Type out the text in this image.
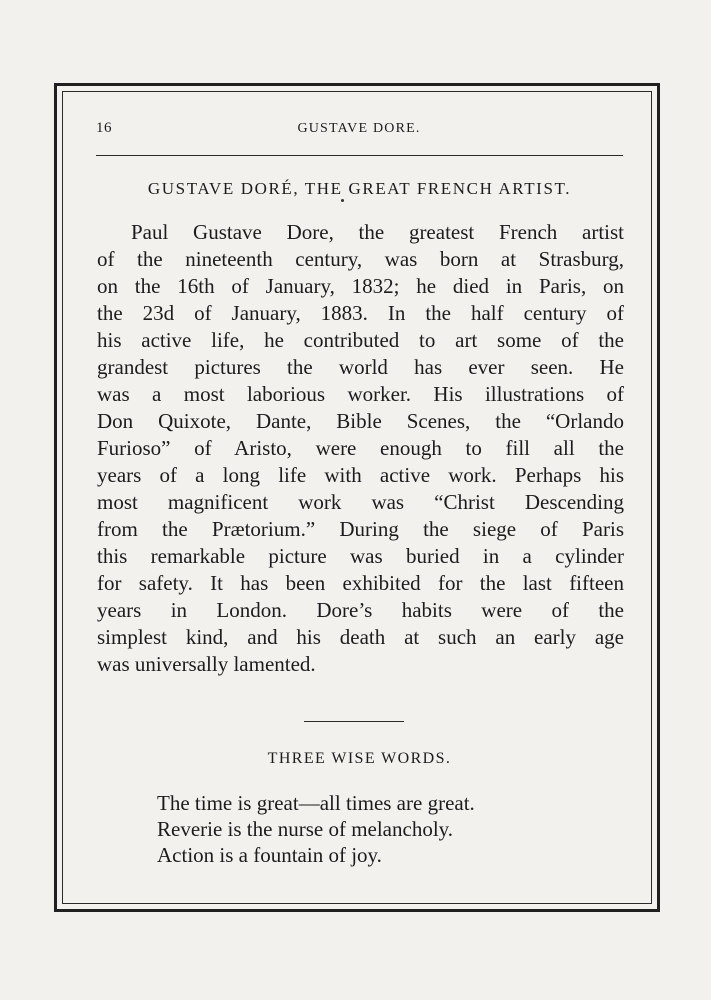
16	GUSTAVE DORE.
GUSTAVE DORÉ, THE GREAT FRENCH ARTIST.
Paul Gustave Dore, the greatest French artist
of the nineteenth century, was born at Strasburg,
on the 16th of January, 1832; he died in Paris, on
the 23d of January, 1883. In the half century of
his active life, he contributed to art some of the
grandest pictures the world has ever seen. He
was a most laborious worker. His illustrations of
Don Quixote, Dante, Bible Scenes, the “Orlando
Furioso” of Aristo, were enough to fill all the
years of a long life with active work. Perhaps his
most magnificent work was “Christ Descending
from the Prætorium.” During the siege of Paris
this remarkable picture was buried in a cylinder
for safety. It has been exhibited for the last fifteen
years in London. Dore’s habits were of the
simplest kind, and his death at such an early age
was universally lamented.
THREE WISE WORDS.
The time is great—all times are great.
Reverie is the nurse of melancholy.
Action is a fountain of joy.
